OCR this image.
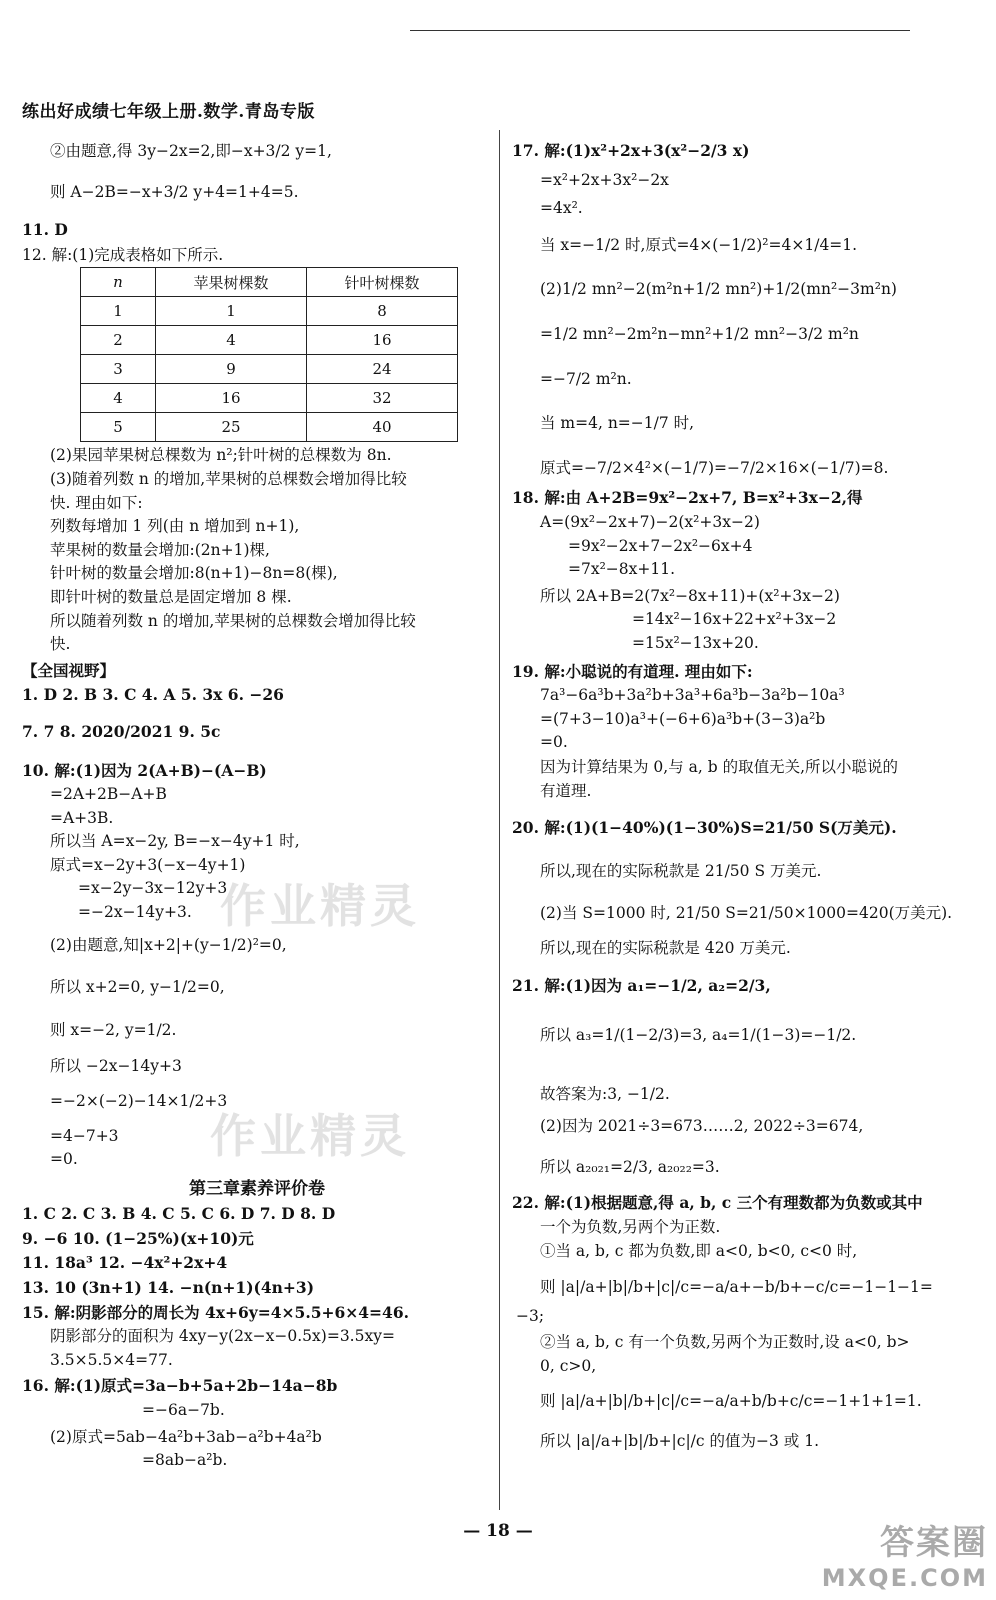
练出好成绩七年级上册.数学.青岛专版
②由题意,得 3y−2x=2,即−x+3/2 y=1,
则 A−2B=−x+3/2 y+4=1+4=5.
11. D
12. 解:(1)完成表格如下所示.
n	苹果树棵数	针叶树棵数
1	1	8
2	4	16
3	9	24
4	16	32
5	25	40
(2)果园苹果树总棵数为 n²;针叶树的总棵数为 8n.
(3)随着列数 n 的增加,苹果树的总棵数会增加得比较
快. 理由如下:
列数每增加 1 列(由 n 增加到 n+1),
苹果树的数量会增加:(2n+1)棵,
针叶树的数量会增加:8(n+1)−8n=8(棵),
即针叶树的数量总是固定增加 8 棵.
所以随着列数 n 的增加,苹果树的总棵数会增加得比较
快.
【全国视野】
1. D 2. B 3. C 4. A 5. 3x 6. −26
7. 7 8. 2020/2021 9. 5c
10. 解:(1)因为 2(A+B)−(A−B)
=2A+2B−A+B
=A+3B.
所以当 A=x−2y, B=−x−4y+1 时,
原式=x−2y+3(−x−4y+1)
=x−2y−3x−12y+3
=−2x−14y+3.
(2)由题意,知|x+2|+(y−1/2)²=0,
所以 x+2=0, y−1/2=0,
则 x=−2, y=1/2.
所以 −2x−14y+3
=−2×(−2)−14×1/2+3
=4−7+3
=0.
第三章素养评价卷
1. C 2. C 3. B 4. C 5. C 6. D 7. D 8. D
9. −6 10. (1−25%)(x+10)元
11. 18a³ 12. −4x²+2x+4
13. 10 (3n+1) 14. −n(n+1)(4n+3)
15. 解:阴影部分的周长为 4x+6y=4×5.5+6×4=46.
阴影部分的面积为 4xy−y(2x−x−0.5x)=3.5xy=
3.5×5.5×4=77.
16. 解:(1)原式=3a−b+5a+2b−14a−8b
=−6a−7b.
(2)原式=5ab−4a²b+3ab−a²b+4a²b
=8ab−a²b.
17. 解:(1)x²+2x+3(x²−2/3 x)
=x²+2x+3x²−2x
=4x².
当 x=−1/2 时,原式=4×(−1/2)²=4×1/4=1.
(2)1/2 mn²−2(m²n+1/2 mn²)+1/2(mn²−3m²n)
=1/2 mn²−2m²n−mn²+1/2 mn²−3/2 m²n
=−7/2 m²n.
当 m=4, n=−1/7 时,
原式=−7/2×4²×(−1/7)=−7/2×16×(−1/7)=8.
18. 解:由 A+2B=9x²−2x+7, B=x²+3x−2,得
A=(9x²−2x+7)−2(x²+3x−2)
=9x²−2x+7−2x²−6x+4
=7x²−8x+11.
所以 2A+B=2(7x²−8x+11)+(x²+3x−2)
=14x²−16x+22+x²+3x−2
=15x²−13x+20.
19. 解:小聪说的有道理. 理由如下:
7a³−6a³b+3a²b+3a³+6a³b−3a²b−10a³
=(7+3−10)a³+(−6+6)a³b+(3−3)a²b
=0.
因为计算结果为 0,与 a, b 的取值无关,所以小聪说的
有道理.
20. 解:(1)(1−40%)(1−30%)S=21/50 S(万美元).
所以,现在的实际税款是 21/50 S 万美元.
(2)当 S=1000 时, 21/50 S=21/50×1000=420(万美元).
所以,现在的实际税款是 420 万美元.
21. 解:(1)因为 a₁=−1/2, a₂=2/3,
所以 a₃=1/(1−2/3)=3, a₄=1/(1−3)=−1/2.
故答案为:3, −1/2.
(2)因为 2021÷3=673……2, 2022÷3=674,
所以 a₂₀₂₁=2/3, a₂₀₂₂=3.
22. 解:(1)根据题意,得 a, b, c 三个有理数都为负数或其中
一个为负数,另两个为正数.
①当 a, b, c 都为负数,即 a<0, b<0, c<0 时,
则 |a|/a+|b|/b+|c|/c=−a/a+−b/b+−c/c=−1−1−1=
−3;
②当 a, b, c 有一个负数,另两个为正数时,设 a<0, b>
0, c>0,
则 |a|/a+|b|/b+|c|/c=−a/a+b/b+c/c=−1+1+1=1.
所以 |a|/a+|b|/b+|c|/c 的值为−3 或 1.
作业精灵
作业精灵
— 18 —	答案圈
MXQE.COM
